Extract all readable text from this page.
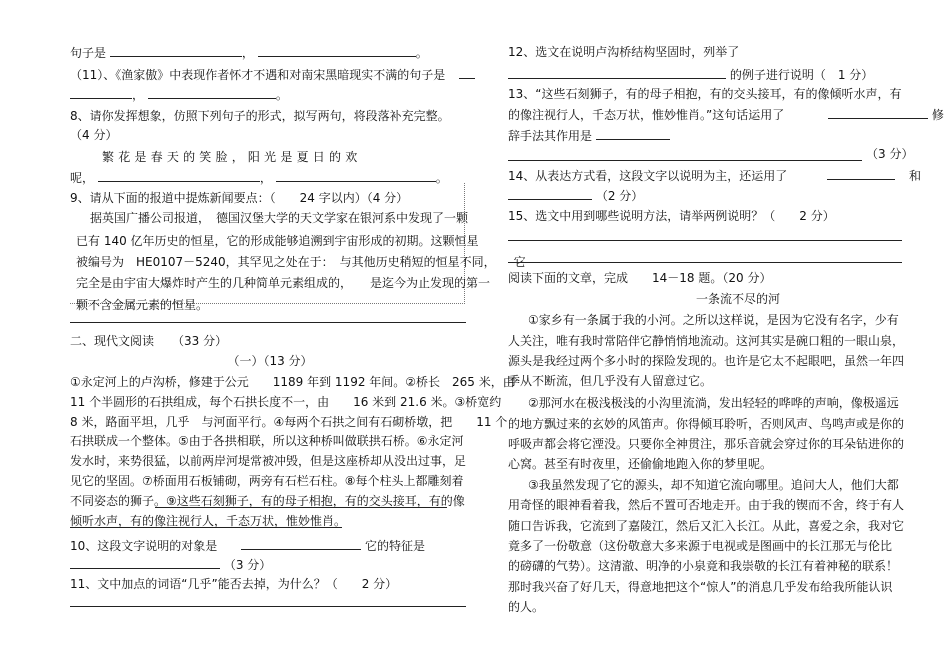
句子是	，	。
（11）、《渔家傲》中表现作者怀才不遇和对南宋黑暗现实不满的句子是
，	。
8、请你发挥想象，仿照下列句子的形式，拟写两句，将段落补充完整。
（4 分）
繁 花 是 春 天 的 笑 脸 ， 阳 光 是 夏 日 的 欢
呢，	，	。
9、请从下面的报道中提炼新闻要点：（　　24 字以内）（4 分）
据英国广播公司报道，　德国汉堡大学的天文学家在银河系中发现了一颗
已有 140 亿年历史的恒星，它的形成能够追溯到宇宙形成的初期。这颗恒星
被编号为　HE0107－5240，其罕见之处在于：　与其他历史稍短的恒星不同，　　它
完全是由宇宙大爆炸时产生的几种简单元素组成的，　　是迄今为止发现的第一
颗不含金属元素的恒星。
二、现代文阅读　　（33 分）
（一）（13 分）
①永定河上的卢沟桥，修建于公元　　1189 年到 1192 年间。②桥长　265 米，由
11 个半圆形的石拱组成，每个石拱长度不一，由　　16 米到 21.6 米。③桥宽约
8 米，路面平坦，几乎　与河面平行。④每两个石拱之间有石砌桥墩，把　　11 个
石拱联成一个整体。⑤由于各拱相联，所以这种桥叫做联拱石桥。⑥永定河
发水时，来势很猛，以前两岸河堤常被冲毁，但是这座桥却从没出过事，足
见它的坚固。⑦桥面用石板铺砌，两旁有石栏石柱。⑧每个柱头上都雕刻着
不同姿态的狮子。⑨这些石刻狮子，有的母子相抱，有的交头接耳，有的像
倾听水声，有的像注视行人，千态万状，惟妙惟肖。
10、这段文字说明的对象是	它的特征是
（3 分）
11、文中加点的词语“几乎”能否去掉，为什么？（　　2 分）
12、选文在说明卢沟桥结构坚固时，列举了
的例子进行说明（　1 分）
13、“这些石刻狮子，有的母子相抱，有的交头接耳，有的像倾听水声，有
的像注视行人，千态万状，惟妙惟肖。”这句话运用了	修
辞手法其作用是
（3 分）
14、从表达方式看，这段文字以说明为主，还运用了	和
（2 分）
15、选文中用到哪些说明方法，请举两例说明？（　　2 分）
阅读下面的文章，完成　　14－18 题。（20 分）
一条流不尽的河
①家乡有一条属于我的小河。之所以这样说，是因为它没有名字，少有
人关注，唯有我时常陪伴它静悄悄地流动。这河其实是碗口粗的一眼山泉，
源头是我经过两个多小时的探险发现的。也许是它太不起眼吧，虽然一年四
季从不断流，但几乎没有人留意过它。
②那河水在极浅极浅的小沟里流淌，发出轻轻的哗哗的声响，像极遥远
的地方飘过来的玄妙的风笛声。你得倾耳聆听，否则风声、鸟鸣声或是你的
呼吸声都会将它湮没。只要你全神贯注，那乐音就会穿过你的耳朵钻进你的
心窝。甚至有时夜里，还偷偷地跑入你的梦里呢。
③我虽然发现了它的源头，却不知道它流向哪里。追问大人，他们大都
用奇怪的眼神看着我，然后不置可否地走开。由于我的锲而不舍，终于有人
随口告诉我，它流到了嘉陵江，然后又汇入长江。从此，喜爱之余，我对它
竟多了一份敬意（这份敬意大多来源于电视或是图画中的长江那无与伦比
的磅礴的气势）。这清澈、明净的小泉竟和我崇敬的长江有着神秘的联系！
那时我兴奋了好几天，得意地把这个“惊人”的消息几乎发布给我所能认识
的人。
